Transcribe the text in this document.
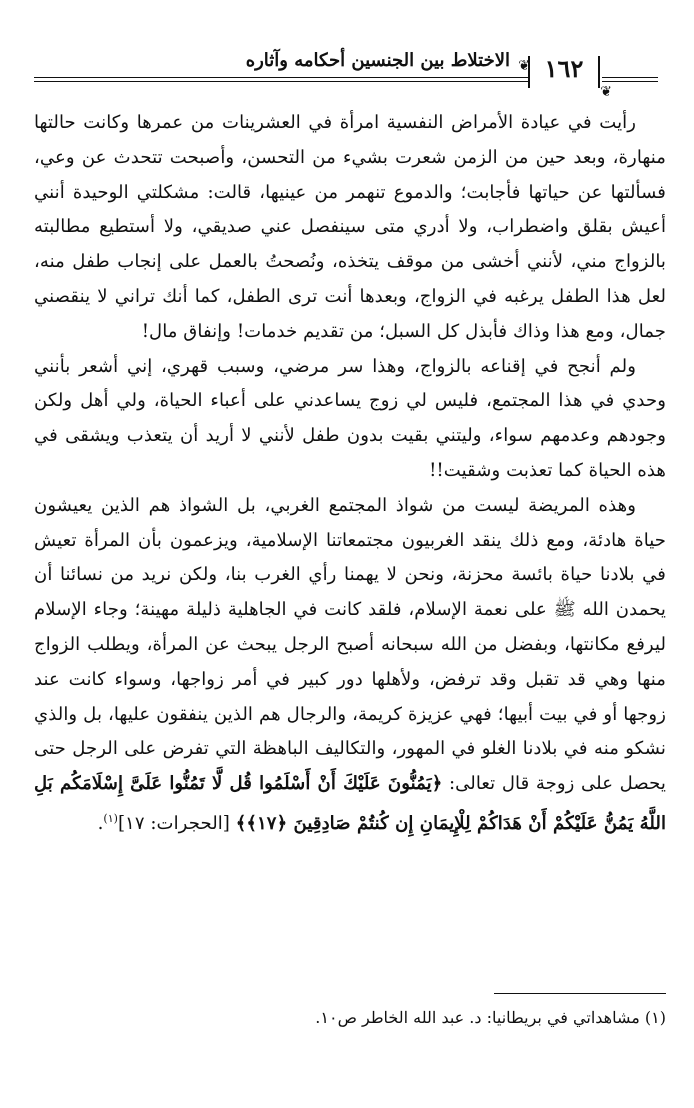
الاختلاط بين الجنسين أحكامه وآثاره	١٦٢
❦
❦

رأيت في عيادة الأمراض النفسية امرأة في العشرينات من عمرها وكانت حالتها منهارة، وبعد حين من الزمن شعرت بشيء من التحسن، وأصبحت تتحدث عن وعي، فسألتها عن حياتها فأجابت؛ والدموع تنهمر من عينيها، قالت: مشكلتي الوحيدة أنني أعيش بقلق واضطراب، ولا أدري متى سينفصل عني صديقي، ولا أستطيع مطالبته بالزواج مني، لأنني أخشى من موقف يتخذه، ونُصحتُ بالعمل على إنجاب طفل منه، لعل هذا الطفل يرغبه في الزواج، وبعدها أنت ترى الطفل، كما أنك تراني لا ينقصني جمال، ومع هذا وذاك فأبذل كل السبل؛ من تقديم خدمات! وإنفاق مال!

ولم أنجح في إقناعه بالزواج، وهذا سر مرضي، وسبب قهري، إني أشعر بأنني وحدي في هذا المجتمع، فليس لي زوج يساعدني على أعباء الحياة، ولي أهل ولكن وجودهم وعدمهم سواء، وليتني بقيت بدون طفل لأنني لا أريد أن يتعذب ويشقى في هذه الحياة كما تعذبت وشقيت!!

وهذه المريضة ليست من شواذ المجتمع الغربي، بل الشواذ هم الذين يعيشون حياة هادئة، ومع ذلك ينقد الغربيون مجتمعاتنا الإسلامية، ويزعمون بأن المرأة تعيش في بلادنا حياة بائسة محزنة، ونحن لا يهمنا رأي الغرب بنا، ولكن نريد من نسائنا أن يحمدن الله ﷺ على نعمة الإسلام، فلقد كانت في الجاهلية ذليلة مهينة؛ وجاء الإسلام ليرفع مكانتها، وبفضل من الله سبحانه أصبح الرجل يبحث عن المرأة، ويطلب الزواج منها وهي قد تقبل وقد ترفض، ولأهلها دور كبير في أمر زواجها، وسواء كانت عند زوجها أو في بيت أبيها؛ فهي عزيزة كريمة، والرجال هم الذين ينفقون عليها، بل والذي نشكو منه في بلادنا الغلو في المهور، والتكاليف الباهظة التي تفرض على الرجل حتى يحصل على زوجة قال تعالى: ﴿يَمُنُّونَ عَلَيْكَ أَنْ أَسْلَمُوا قُل لَّا تَمُنُّوا عَلَىَّ إِسْلَامَكُم بَلِ اللَّهُ يَمُنُّ عَلَيْكُمْ أَنْ هَدَاكُمْ لِلْإِيمَانِ إِن كُنتُمْ صَادِقِينَ ﴿١٧﴾﴾ [الحجرات: ١٧]$^{(١)}$.

(١) مشاهداتي في بريطانيا: د. عبد الله الخاطر ص١٠.
